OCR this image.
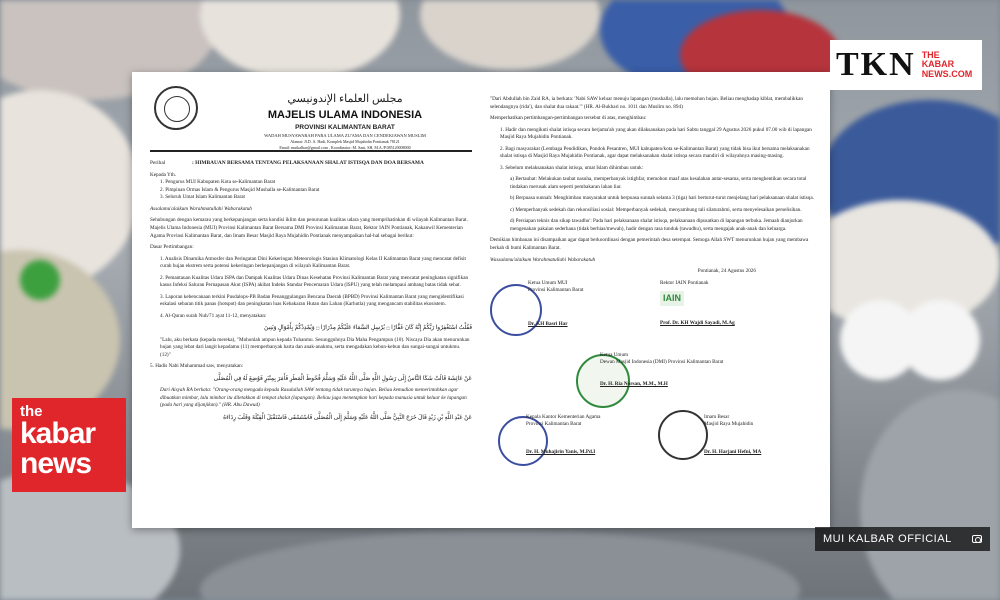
مجلس العلماء الإندونيسي
MAJELIS ULAMA INDONESIA
PROVINSI KALIMANTAN BARAT
WADAH MUSYAWARAH PARA ULAMA ZU'AMA DAN CENDEKIAWAN MUSLIM
Alamat: Jl.D. A. Hadi, Komplek Masjid Mujahidin Pontianak 78121
Email: muikalbar@gmail.com , Koordinator: M. Sani, SH, M.A./P.085120008000
Perihal	: HIMBAUAN BERSAMA TENTANG PELAKSANAAN SHALAT ISTISQA DAN DOA BERSAMA

Kepada Yth.

1. Pengurus MUI Kabupaten Kota se-Kalimantan Barat
2. Pimpinan Ormas Islam & Pengurus Masjid Mushalla se-Kalimantan Barat
3. Seluruh Umat Islam Kalimantan Barat

Assalamu'alaikum Warahmatullahi Wabarakatuh

Sehubungan dengan kemarau yang berkepanjangan serta kondisi iklim dan penurunan kualitas udara yang memprihatinkan di wilayah Kalimantan Barat. Majelis Ulama Indonesia (MUI) Provinsi Kalimantan Barat Bersama DMI Provinsi Kalimantan Barat, Rektor IAIN Pontianak, Kakanwil Kementerian Agama Provinsi Kalimantan Barat, dan Imam Besar Masjid Raya Mujahidin Pontianak menyampaikan hal-hal sebagai berikut:

Dasar Pertimbangan:

1. Analisis Dinamika Atmosfer dan Peringatan Dini Kekeringan Meteorologis Stasiun Klimatologi Kelas II Kalimantan Barat yang mencatat defisit curah hujan ekstrem serta potensi kekeringan berkepanjangan di wilayah Kalimantan Barat.

2. Pemantauan Kualitas Udara ISPA dan Dampak Kualitas Udara Dinas Kesehatan Provinsi Kalimantan Barat yang mencatat peningkatan signifikan kasus Infeksi Saluran Pernapasan Akut (ISPA) akibat Indeks Standar Pencemaran Udara (ISPU) yang telah melampaui ambang batas tidak sehat.

3. Laporan kebencanaan terkini Pusdalops-PB Badan Penanggulangan Bencana Daerah (BPBD) Provinsi Kalimantan Barat yang mengidentifikasi eskalasi sebaran titik panas (hotspot) dan peningkatan luas Kebakaran Hutan dan Lahan (Karhutla) yang mengancam stabilitas ekosistem.

4. Al-Quran surah Nuh/71 ayat 11-12, menyatakan:

فَقُلْتُ اسْتَغْفِرُوا رَبَّكُمْ إِنَّهُ كَانَ غَفَّارًا ۝ يُرْسِلِ السَّمَاءَ عَلَيْكُمْ مِدْرَارًا ۝ وَيُمْدِدْكُمْ بِأَمْوَالٍ وَبَنِينَ

"Lalu, aku berkata (kepada mereka), "Mohonlah ampun kepada Tuhanmu. Sesungguhnya Dia Maha Pengampun (10). Niscaya Dia akan menurunkan hujan yang lebat dari langit kepadamu (11) memperbanyak harta dan anak-anakmu, serta mengadakan kebun-kebun dan sungai-sungai untukmu. (12)"

5. Hadis Nabi Muhammad saw, menyatakan:

عَنْ عَائِشَةَ قَالَتْ شَكَا النَّاسُ إِلَى رَسُولِ اللَّهِ صَلَّى اللَّهُ عَلَيْهِ وَسَلَّمَ قُحُوطَ الْمَطَرِ فَأَمَرَ بِمِنْبَرٍ فَوُضِعَ لَهُ فِي الْمُصَلَّى

Dari Aisyah RA berkata: "Orang-orang mengadu kepada Rasulullah SAW tentang tidak turunnya hujan. Beliau kemudian memerintahkan agar dibuatkan mimbar, lalu mimbar itu diletakkan di tempat shalat (lapangan). Beliau juga menetapkan hari kepada manusia untuk keluar ke lapangan (pada hari yang dijanjikan)." (HR. Abu Dawud)

عَنْ عَبْدِ اللَّهِ بْنِ زَيْدٍ قَالَ خَرَجَ النَّبِيُّ صَلَّى اللَّهُ عَلَيْهِ وَسَلَّمَ إِلَى الْمُصَلَّى فَاسْتَسْقَى فَاسْتَقْبَلَ الْقِبْلَةَ وَقَلَبَ رِدَاءَهُ

"Dari Abdullah bin Zaid RA, ia berkata: 'Nabi SAW keluar menuju lapangan (mushalla), lalu memohon hujan. Beliau menghadap kiblat, membalikkan selendangnya (rida'), dan shalat dua rakaat.'" (HR. Al-Bukhari no. 1011 dan Muslim no. 894)

Memperhatikan pertimbangan-pertimbangan tersebut di atas, menghimbau:

1. Hadir dan mengikuti shalat istisqa secara berjama'ah yang akan dilaksanakan pada hari Sabtu tanggal 29 Agustus 2026 pukul 07.00 wib di lapangan Masjid Raya Mujahidin Pontianak.

2. Bagi masyarakat (Lembaga Pendidikan, Pondok Pesantren, MUI kabupaten/kota se-Kalimantan Barat) yang tidak bisa ikut bersama melaksanakan shalat istisqa di Masjid Raya Mujahidin Pontianak, agar dapat melaksanakan shalat istisqa secara mandiri di wilayahnya masing-masing.

3. Sebelum melaksanakan shalat istisqa, umat Islam dihimbau untuk:

a) Bertaubat: Melakukan taubat nasuha, memperbanyak istighfar, memohon maaf atas kesalahan antar-sesama, serta menghentikan secara total tindakan merusak alam seperti pembakaran lahan liar.

b) Berpuasa sunnah: Menghimbau masyarakat untuk berpuasa sunnah selama 3 (tiga) hari berturut-turut menjelang hari pelaksanaan shalat istisqa.

c) Memperbanyak sedekah dan rekonsiliasi sosial: Memperbanyak sedekah, menyambung tali silaturahmi, serta menyelesaikan perselisihan.

d) Persiapan teknis dan sikap tawadhu': Pada hari pelaksanaan shalat istisqa, pelaksanaan dipusatkan di lapangan terbuka. Jemaah dianjurkan mengenakan pakaian sederhana (tidak berhias/mewah), hadir dengan rasa tunduk (tawadhu), serta mengajak anak-anak dan keluarga.

Demikian himbauan ini disampaikan agar dapat berkoordinasi dengan pemerintah desa setempat. Semoga Allah SWT menurunkan hujan yang membawa berkah di bumi Kalimantan Barat.

Wassalamu'alaikum Warahmatullahi Wabarakatuh

Pontianak, 24 Agustus 2026

Ketua Umum MUI
Provinsi Kalimantan Barat
Dr. KH Basri Har
Rektor IAIN Pontianak
IAIN
Prof. Dr. KH Wajdi Sayadi, M.Ag
Ketua Umum
Dewan Masjid Indonesia (DMI) Provinsi Kalimantan Barat
Dr. H. Ria Norsan, M.M., M.H
Kepala Kantor Kementerian Agama
Provinsi Kalimantan Barat
Dr. H. Muhajirin Yanis, M.Pd.I
Imam Besar
Masjid Raya Mujahidin
Dr. H. Harjani Hefni, MA
TKN THE
KABAR
NEWS.COM
the
kabar
news
MUI KALBAR OFFICIAL
